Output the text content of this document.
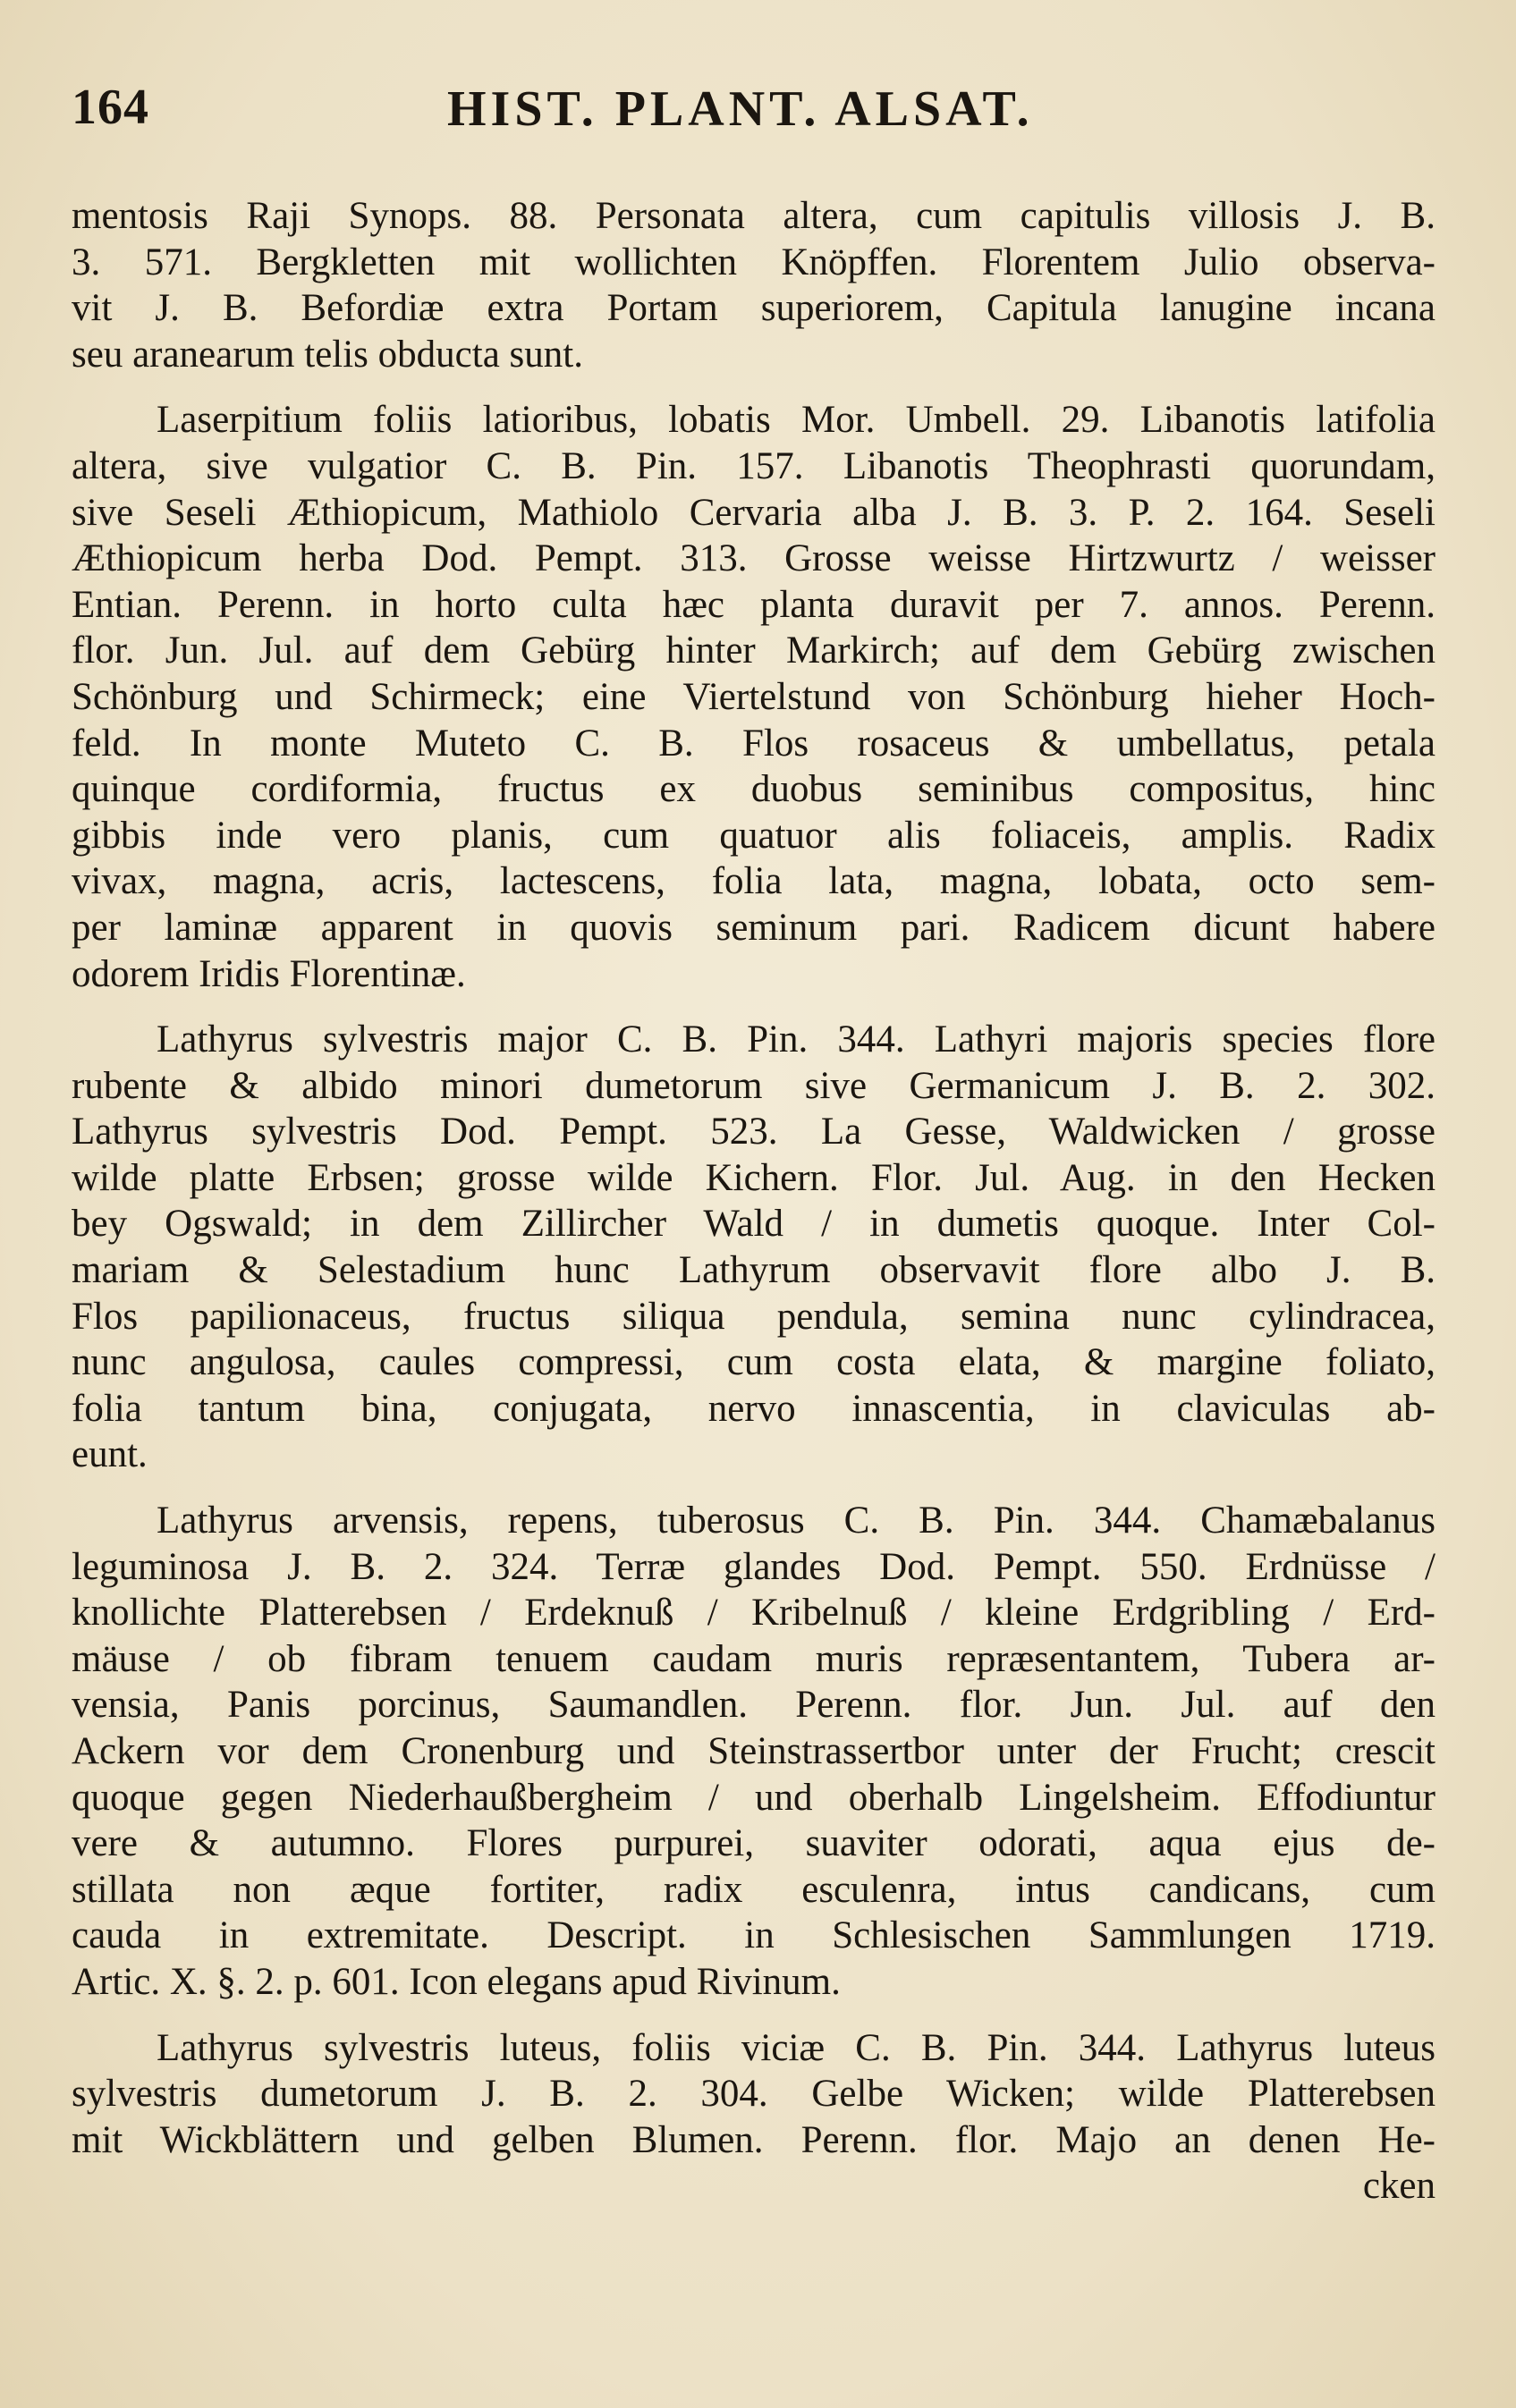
164	HIST. PLANT. ALSAT.
mentosis Raji Synops. 88. Personata altera, cum capitulis villosis J. B.
3. 571. Bergkletten mit wollichten Knöpffen. Florentem Julio observa-
vit J. B. Befordiæ extra Portam superiorem, Capitula lanugine incana
seu aranearum telis obducta sunt.
Laserpitium foliis latioribus, lobatis Mor. Umbell. 29. Libanotis latifolia
altera, sive vulgatior C. B. Pin. 157. Libanotis Theophrasti quorundam,
sive Seseli Æthiopicum, Mathiolo Cervaria alba J. B. 3. P. 2. 164. Seseli
Æthiopicum herba Dod. Pempt. 313. Grosse weisse Hirtzwurtz / weisser
Entian. Perenn. in horto culta hæc planta duravit per 7. annos. Perenn.
flor. Jun. Jul. auf dem Gebürg hinter Markirch; auf dem Gebürg zwischen
Schönburg und Schirmeck; eine Viertelstund von Schönburg hieher Hoch-
feld. In monte Muteto C. B. Flos rosaceus & umbellatus, petala
quinque cordiformia, fructus ex duobus seminibus compositus, hinc
gibbis inde vero planis, cum quatuor alis foliaceis, amplis. Radix
vivax, magna, acris, lactescens, folia lata, magna, lobata, octo sem-
per laminæ apparent in quovis seminum pari. Radicem dicunt habere
odorem Iridis Florentinæ.
Lathyrus sylvestris major C. B. Pin. 344. Lathyri majoris species flore
rubente & albido minori dumetorum sive Germanicum J. B. 2. 302.
Lathyrus sylvestris Dod. Pempt. 523. La Gesse, Waldwicken / grosse
wilde platte Erbsen; grosse wilde Kichern. Flor. Jul. Aug. in den Hecken
bey Ogswald; in dem Zillircher Wald / in dumetis quoque. Inter Col-
mariam & Selestadium hunc Lathyrum observavit flore albo J. B.
Flos papilionaceus, fructus siliqua pendula, semina nunc cylindracea,
nunc angulosa, caules compressi, cum costa elata, & margine foliato,
folia tantum bina, conjugata, nervo innascentia, in claviculas ab-
eunt.
Lathyrus arvensis, repens, tuberosus C. B. Pin. 344. Chamæbalanus
leguminosa J. B. 2. 324. Terræ glandes Dod. Pempt. 550. Erdnüsse /
knollichte Platterebsen / Erdeknuß / Kribelnuß / kleine Erdgribling / Erd-
mäuse / ob fibram tenuem caudam muris repræsentantem, Tubera ar-
vensia, Panis porcinus, Saumandlen. Perenn. flor. Jun. Jul. auf den
Ackern vor dem Cronenburg und Steinstrassertbor unter der Frucht; crescit
quoque gegen Niederhaußbergheim / und oberhalb Lingelsheim. Effodiuntur
vere & autumno. Flores purpurei, suaviter odorati, aqua ejus de-
stillata non æque fortiter, radix esculenra, intus candicans, cum
cauda in extremitate. Descript. in Schlesischen Sammlungen 1719.
Artic. X. §. 2. p. 601. Icon elegans apud Rivinum.
Lathyrus sylvestris luteus, foliis viciæ C. B. Pin. 344. Lathyrus luteus
sylvestris dumetorum J. B. 2. 304. Gelbe Wicken; wilde Platterebsen
mit Wickblättern und gelben Blumen. Perenn. flor. Majo an denen He-
cken
